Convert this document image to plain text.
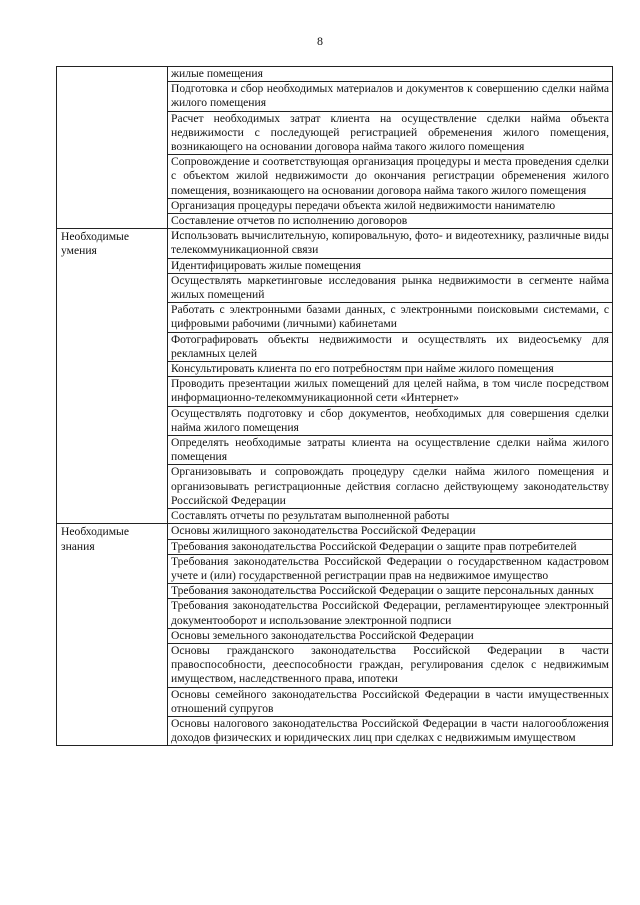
8
	жилые помещения
	Подготовка и сбор необходимых материалов и документов к совершению сделки найма жилого помещения
	Расчет необходимых затрат клиента на осуществление сделки найма объекта недвижимости с последующей регистрацией обременения жилого помещения, возникающего на основании договора найма такого жилого помещения
	Сопровождение и соответствующая организация процедуры и места проведения сделки с объектом жилой недвижимости до окончания регистрации обременения жилого помещения, возникающего на основании договора найма такого жилого помещения
	Организация процедуры передачи объекта жилой недвижимости нанимателю
	Составление отчетов по исполнению договоров
Необходимые умения	Использовать вычислительную, копировальную, фото- и видеотехнику, различные виды телекоммуникационной связи
	Идентифицировать жилые помещения
	Осуществлять маркетинговые исследования рынка недвижимости в сегменте найма жилых помещений
	Работать с электронными базами данных, с электронными поисковыми системами, с цифровыми рабочими (личными) кабинетами
	Фотографировать объекты недвижимости и осуществлять их видеосъемку для рекламных целей
	Консультировать клиента по его потребностям при найме жилого помещения
	Проводить презентации жилых помещений для целей найма, в том числе посредством информационно-телекоммуникационной сети «Интернет»
	Осуществлять подготовку и сбор документов, необходимых для совершения сделки найма жилого помещения
	Определять необходимые затраты клиента на осуществление сделки найма жилого помещения
	Организовывать и сопровождать процедуру сделки найма жилого помещения и организовывать регистрационные действия согласно действующему законодательству Российской Федерации
	Составлять отчеты по результатам выполненной работы
Необходимые знания	Основы жилищного законодательства Российской Федерации
	Требования законодательства Российской Федерации о защите прав потребителей
	Требования законодательства Российской Федерации о государственном кадастровом учете и (или) государственной регистрации прав на недвижимое имущество
	Требования законодательства Российской Федерации о защите персональных данных
	Требования законодательства Российской Федерации, регламентирующее электронный документооборот и использование электронной подписи
	Основы земельного законодательства Российской Федерации
	Основы гражданского законодательства Российской Федерации в части правоспособности, дееспособности граждан, регулирования сделок с недвижимым имуществом, наследственного права, ипотеки
	Основы семейного законодательства Российской Федерации в части имущественных отношений супругов
	Основы налогового законодательства Российской Федерации в части налогообложения доходов физических и юридических лиц при сделках с недвижимым имуществом
